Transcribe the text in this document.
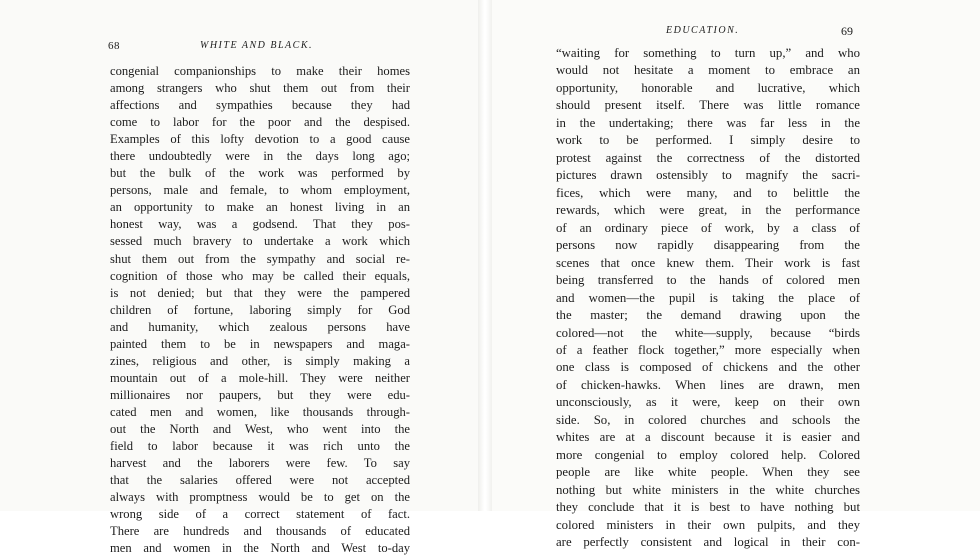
68	WHITE AND BLACK.
EDUCATION.	69
congenial companionships to make their homes
among strangers who shut them out from their
affections and sympathies because they had
come to labor for the poor and the despised.
Examples of this lofty devotion to a good cause
there undoubtedly were in the days long ago;
but the bulk of the work was performed by
persons, male and female, to whom employment,
an opportunity to make an honest living in an
honest way, was a godsend. That they pos-
sessed much bravery to undertake a work which
shut them out from the sympathy and social re-
cognition of those who may be called their equals,
is not denied; but that they were the pampered
children of fortune, laboring simply for God
and humanity, which zealous persons have
painted them to be in newspapers and maga-
zines, religious and other, is simply making a
mountain out of a mole-hill. They were neither
millionaires nor paupers, but they were edu-
cated men and women, like thousands through-
out the North and West, who went into the
field to labor because it was rich unto the
harvest and the laborers were few. To say
that the salaries offered were not accepted
always with promptness would be to get on the
wrong side of a correct statement of fact.
There are hundreds and thousands of educated
men and women in the North and West to-day
“waiting for something to turn up,” and who
would not hesitate a moment to embrace an
opportunity, honorable and lucrative, which
should present itself. There was little romance
in the undertaking; there was far less in the
work to be performed. I simply desire to
protest against the correctness of the distorted
pictures drawn ostensibly to magnify the sacri-
fices, which were many, and to belittle the
rewards, which were great, in the performance
of an ordinary piece of work, by a class of
persons now rapidly disappearing from the
scenes that once knew them. Their work is fast
being transferred to the hands of colored men
and women—the pupil is taking the place of
the master; the demand drawing upon the
colored—not the white—supply, because “birds
of a feather flock together,” more especially when
one class is composed of chickens and the other
of chicken-hawks. When lines are drawn, men
unconsciously, as it were, keep on their own
side. So, in colored churches and schools the
whites are at a discount because it is easier and
more congenial to employ colored help. Colored
people are like white people. When they see
nothing but white ministers in the white churches
they conclude that it is best to have nothing but
colored ministers in their own pulpits, and they
are perfectly consistent and logical in their con-
